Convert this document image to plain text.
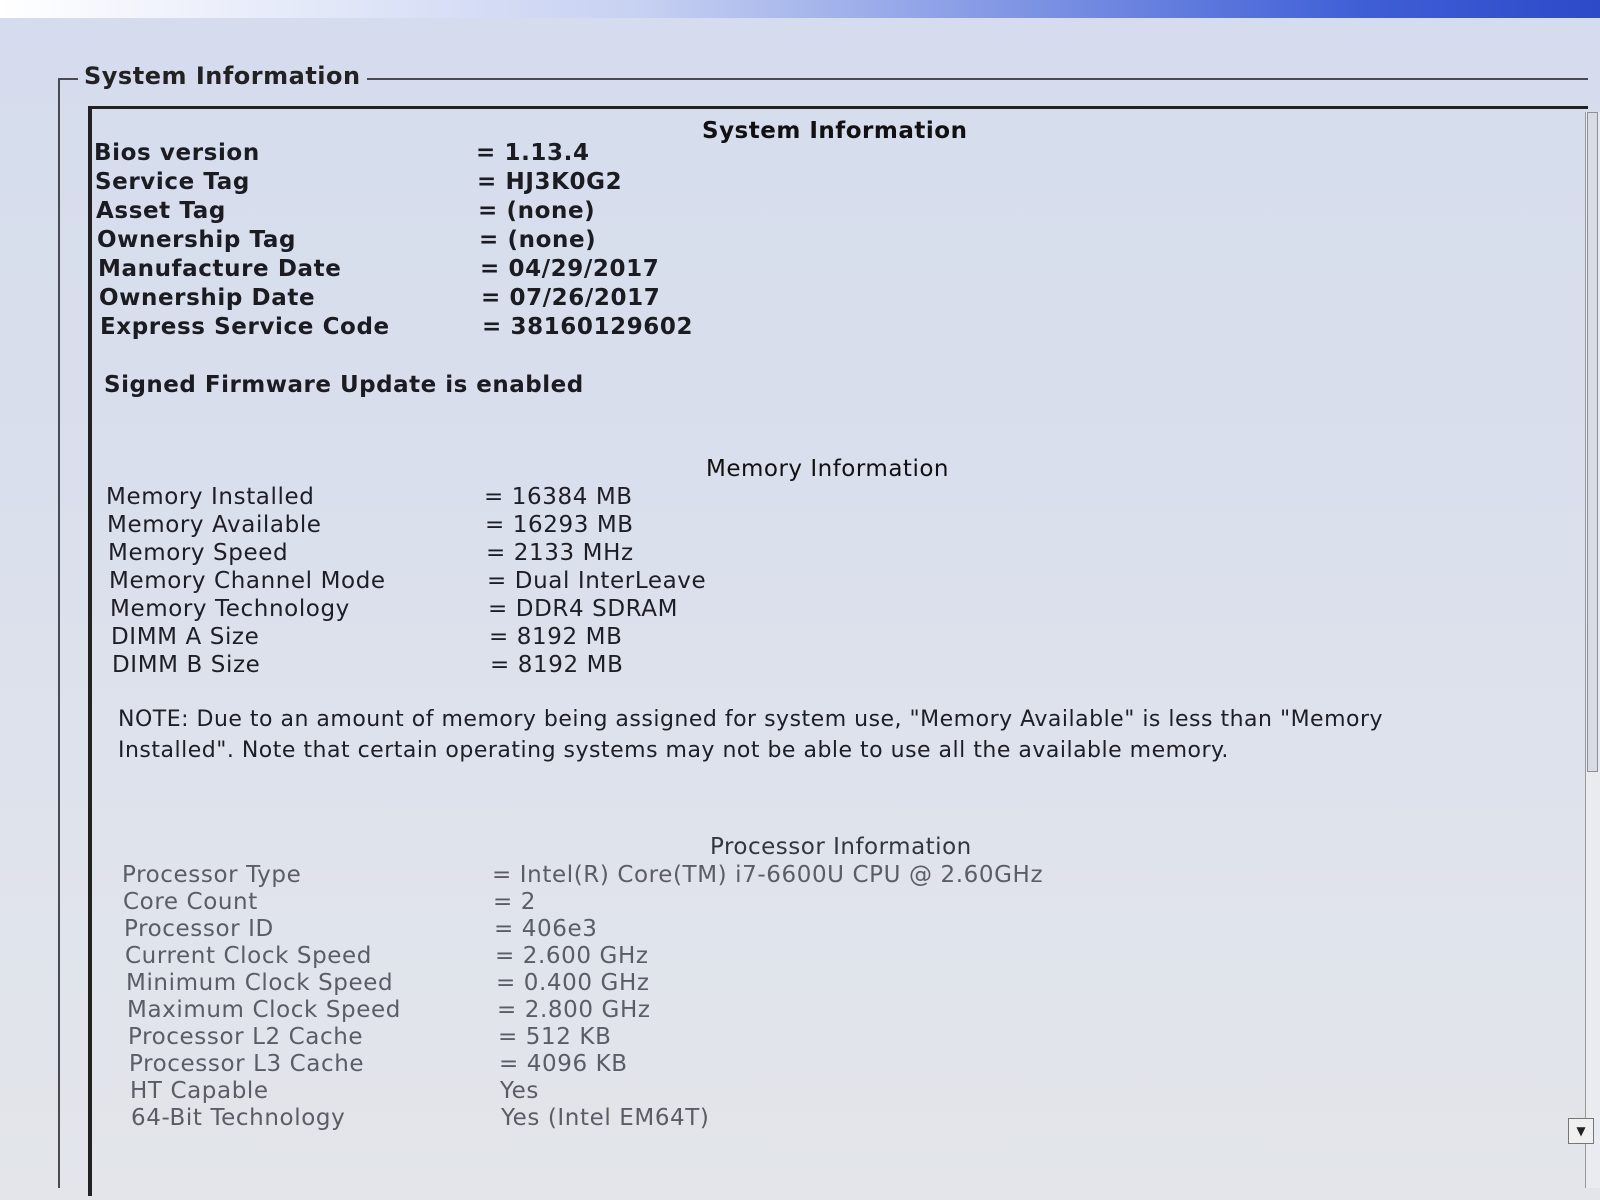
System Information
System Information
Bios version	= 1.13.4
Service Tag	= HJ3K0G2
Asset Tag	= (none)
Ownership Tag	= (none)
Manufacture Date	= 04/29/2017
Ownership Date	= 07/26/2017
Express Service Code	= 38160129602
Signed Firmware Update is enabled
Memory Information
Memory Installed	= 16384 MB
Memory Available	= 16293 MB
Memory Speed	= 2133 MHz
Memory Channel Mode	= Dual InterLeave
Memory Technology	= DDR4 SDRAM
DIMM A Size	= 8192 MB
DIMM B Size	= 8192 MB
NOTE: Due to an amount of memory being assigned for system use, "Memory Available" is less than "Memory Installed". Note that certain operating systems may not be able to use all the available memory.
Processor Information
Processor Type	= Intel(R) Core(TM) i7-6600U CPU @ 2.60GHz
Core Count	= 2
Processor ID	= 406e3
Current Clock Speed	= 2.600 GHz
Minimum Clock Speed	= 0.400 GHz
Maximum Clock Speed	= 2.800 GHz
Processor L2 Cache	= 512 KB
Processor L3 Cache	= 4096 KB
HT Capable	Yes
64-Bit Technology	Yes (Intel EM64T)	▼
